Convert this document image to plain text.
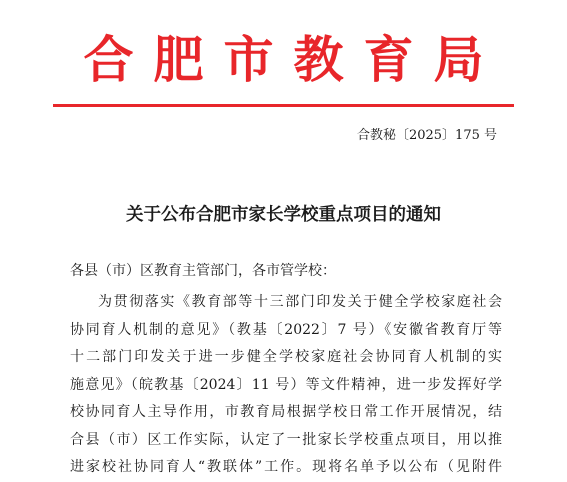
合肥市教育局
合教秘〔2025〕175 号
关于公布合肥市家长学校重点项目的通知
各县（市）区教育主管部门，各市管学校：
为贯彻落实《教育部等十三部门印发关于健全学校家庭社会
协同育人机制的意见》（教基〔2022〕7 号）《安徽省教育厅等
十二部门印发关于进一步健全学校家庭社会协同育人机制的实
施意见》（皖教基〔2024〕11 号）等文件精神，进一步发挥好学
校协同育人主导作用，市教育局根据学校日常工作开展情况，结
合县（市）区工作实际，认定了一批家长学校重点项目，用以推
进家校社协同育人“教联体”工作。现将名单予以公布（见附件
